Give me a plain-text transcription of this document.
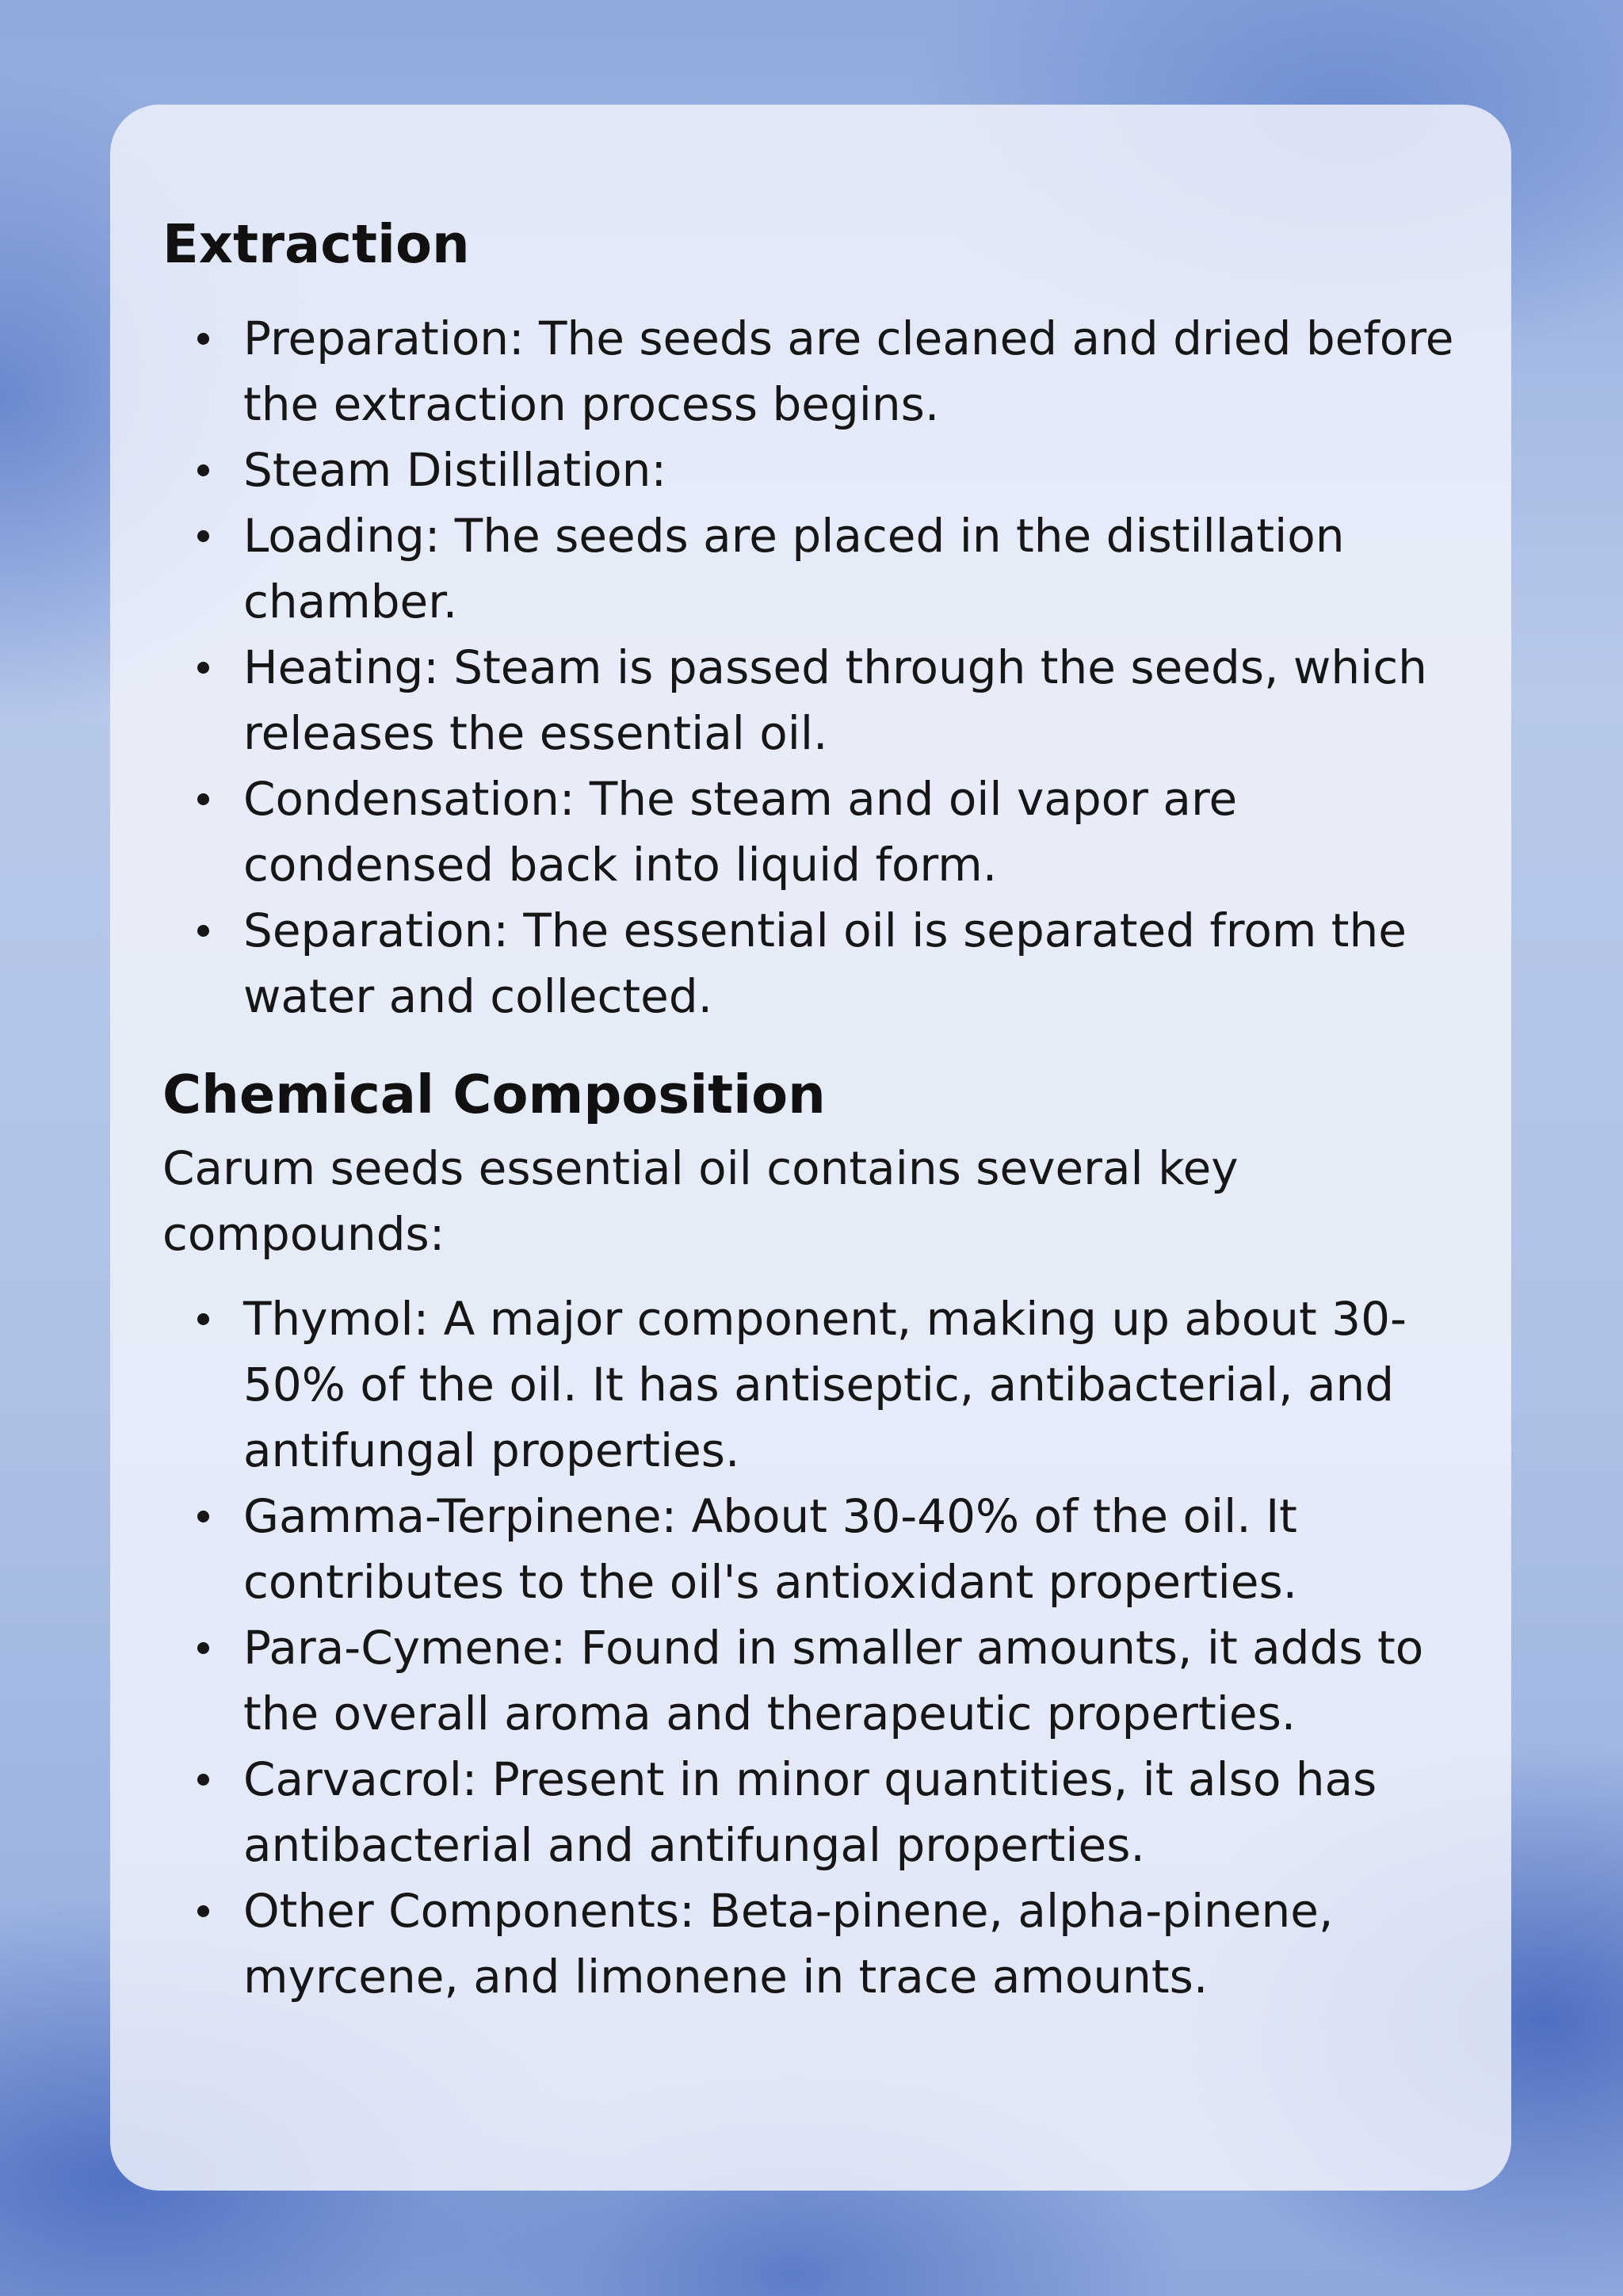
Extraction
Preparation: The seeds are cleaned and dried before the extraction process begins.
Steam Distillation:
Loading: The seeds are placed in the distillation chamber.
Heating: Steam is passed through the seeds, which releases the essential oil.
Condensation: The steam and oil vapor are condensed back into liquid form.
Separation: The essential oil is separated from the water and collected.
Chemical Composition

Carum seeds essential oil contains several key compounds:

Thymol: A major component, making up about 30-50% of the oil. It has antiseptic, antibacterial, and antifungal properties.
Gamma-Terpinene: About 30-40% of the oil. It contributes to the oil's antioxidant properties.
Para-Cymene: Found in smaller amounts, it adds to the overall aroma and therapeutic properties.
Carvacrol: Present in minor quantities, it also has antibacterial and antifungal properties.
Other Components: Beta-pinene, alpha-pinene, myrcene, and limonene in trace amounts.
